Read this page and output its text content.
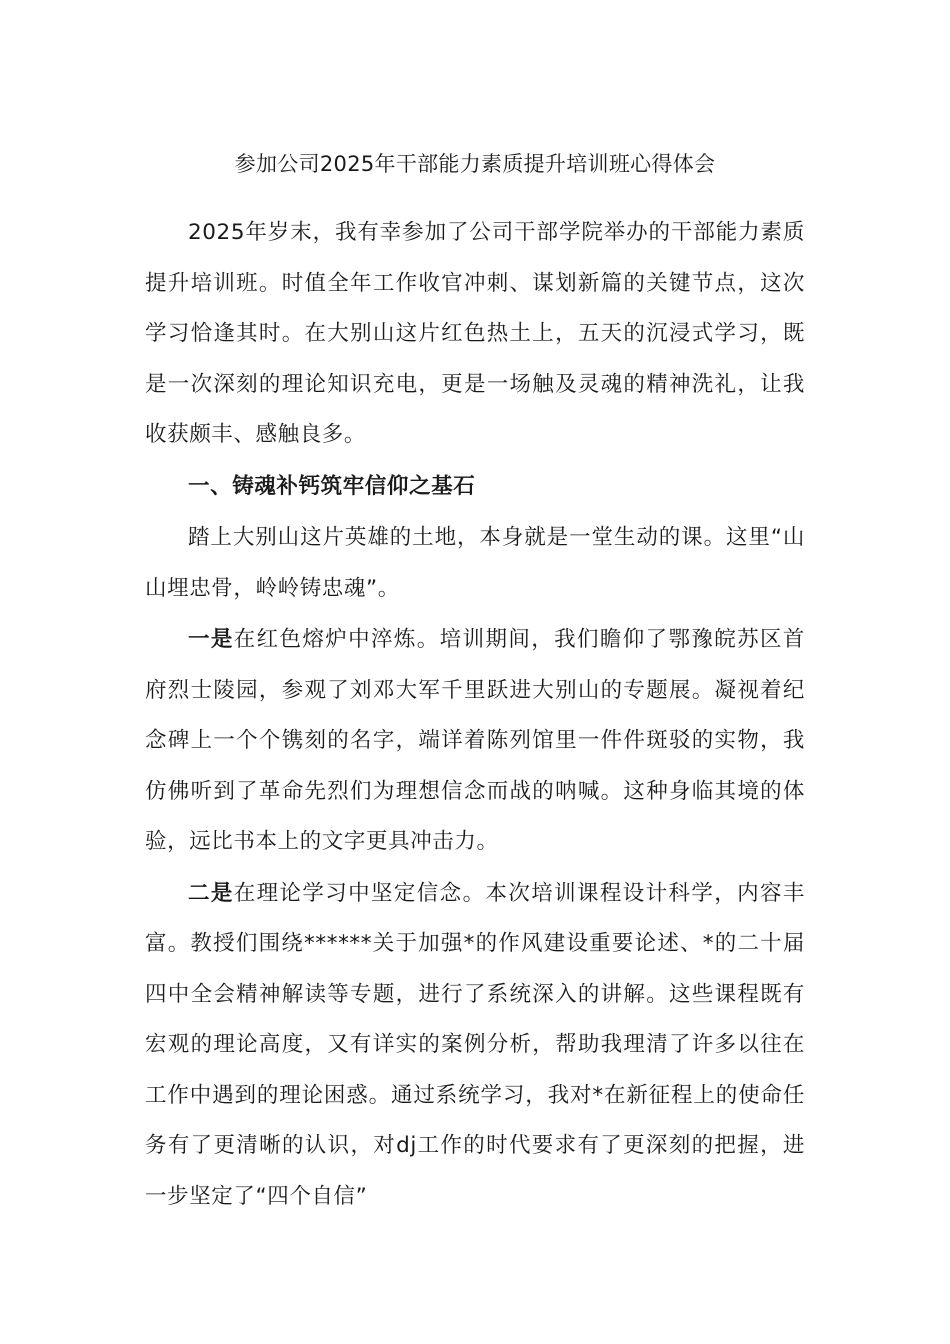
参加公司2025年干部能力素质提升培训班心得体会

2025年岁末，我有幸参加了公司干部学院举办的干部能力素质提升培训班。时值全年工作收官冲刺、谋划新篇的关键节点，这次学习恰逢其时。在大别山这片红色热土上，五天的沉浸式学习，既是一次深刻的理论知识充电，更是一场触及灵魂的精神洗礼，让我收获颇丰、感触良多。

一、铸魂补钙筑牢信仰之基石

踏上大别山这片英雄的土地，本身就是一堂生动的课。这里“山山埋忠骨，岭岭铸忠魂”。

一是在红色熔炉中淬炼。培训期间，我们瞻仰了鄂豫皖苏区首府烈士陵园，参观了刘邓大军千里跃进大别山的专题展。凝视着纪念碑上一个个镌刻的名字，端详着陈列馆里一件件斑驳的实物，我仿佛听到了革命先烈们为理想信念而战的呐喊。这种身临其境的体验，远比书本上的文字更具冲击力。

二是在理论学习中坚定信念。本次培训课程设计科学，内容丰富。教授们围绕******关于加强*的作风建设重要论述、*的二十届四中全会精神解读等专题，进行了系统深入的讲解。这些课程既有宏观的理论高度，又有详实的案例分析，帮助我理清了许多以往在工作中遇到的理论困惑。通过系统学习，我对*在新征程上的使命任务有了更清晰的认识，对dj工作的时代要求有了更深刻的把握，进一步坚定了“四个自信”
